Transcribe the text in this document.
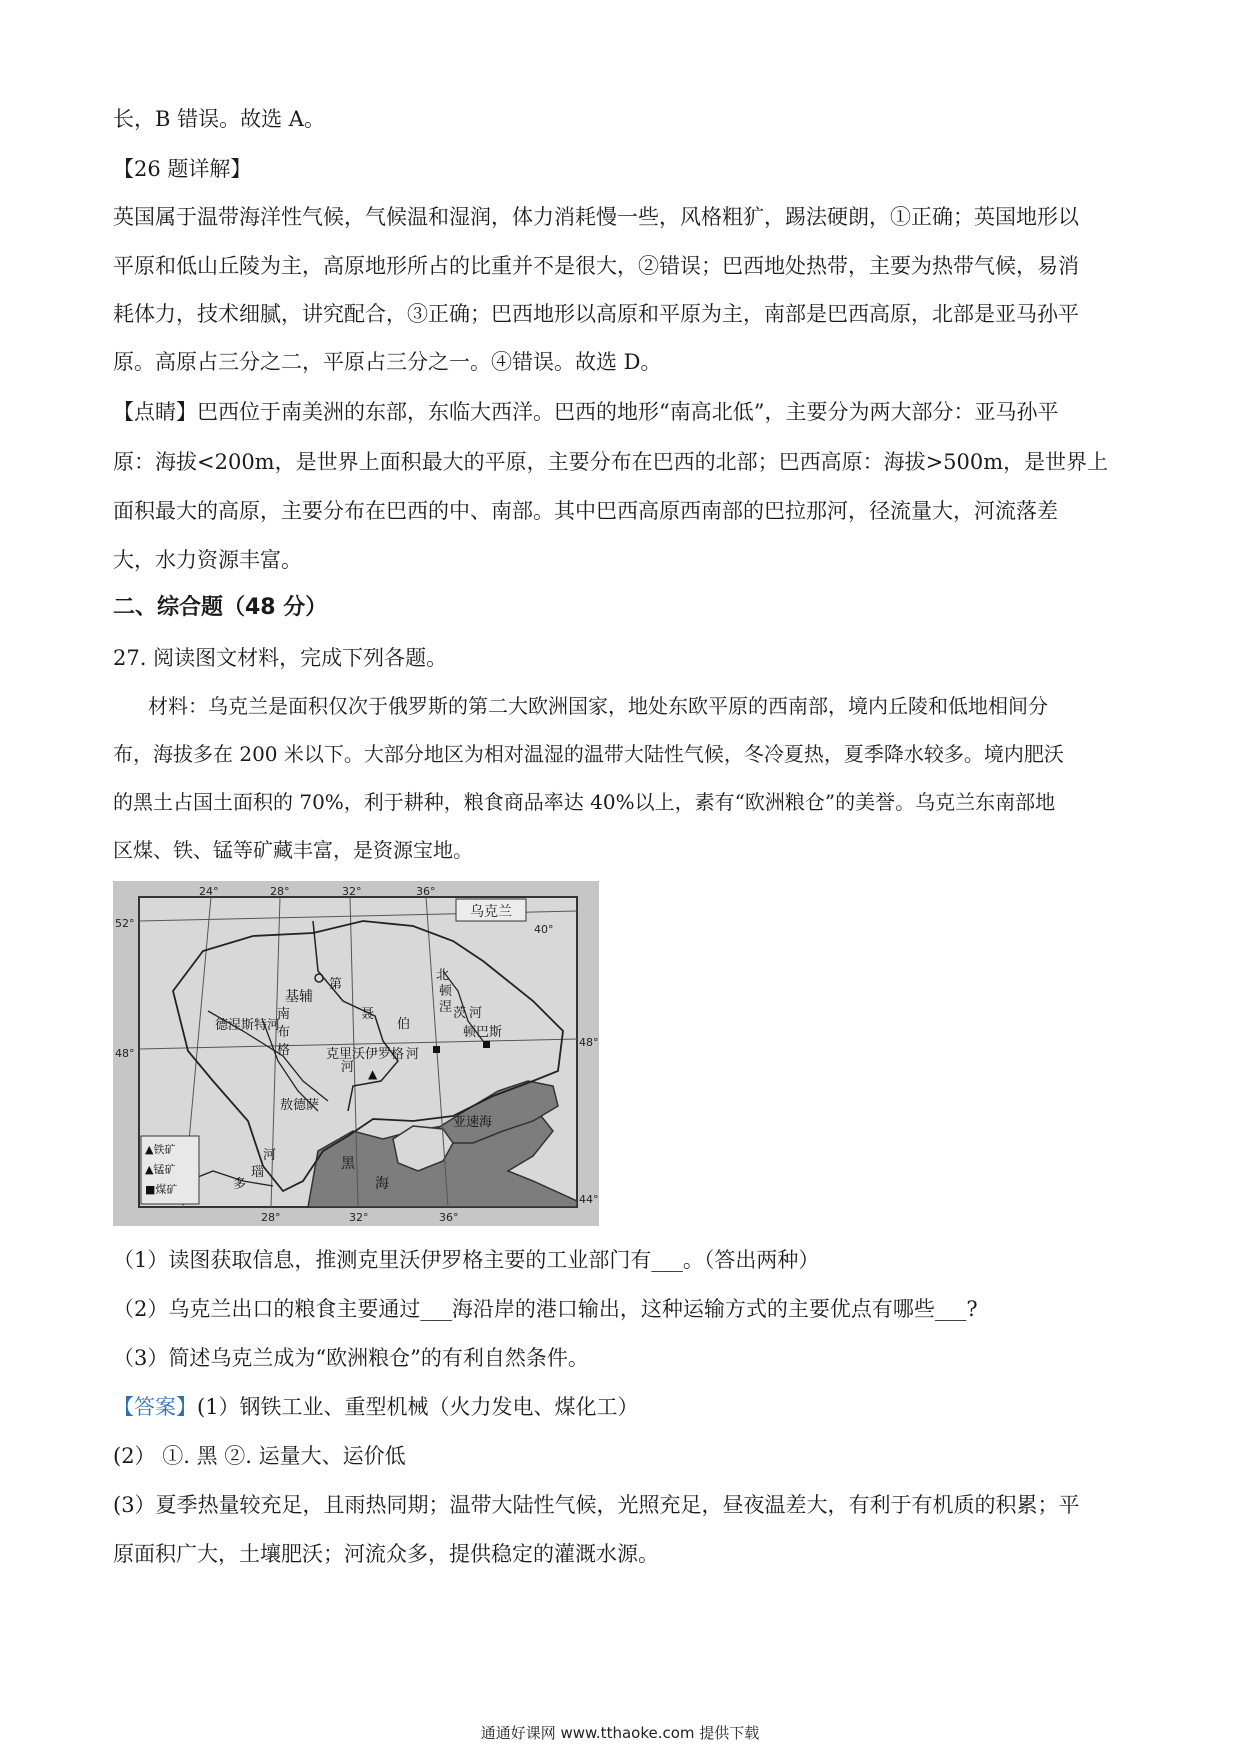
长，B 错误。故选 A。
【26 题详解】
英国属于温带海洋性气候，气候温和湿润，体力消耗慢一些，风格粗犷，踢法硬朗，①正确；英国地形以
平原和低山丘陵为主，高原地形所占的比重并不是很大，②错误；巴西地处热带，主要为热带气候，易消
耗体力，技术细腻，讲究配合，③正确；巴西地形以高原和平原为主，南部是巴西高原，北部是亚马孙平
原。高原占三分之二，平原占三分之一。④错误。故选 D。
【点睛】巴西位于南美洲的东部，东临大西洋。巴西的地形“南高北低”，主要分为两大部分：亚马孙平
原：海拔<200m，是世界上面积最大的平原，主要分布在巴西的北部；巴西高原：海拔>500m，是世界上
面积最大的高原，主要分布在巴西的中、南部。其中巴西高原西南部的巴拉那河，径流量大，河流落差
大，水力资源丰富。
二、综合题（48 分）
27. 阅读图文材料，完成下列各题。
材料：乌克兰是面积仅次于俄罗斯的第二大欧洲国家，地处东欧平原的西南部，境内丘陵和低地相间分
布，海拔多在 200 米以下。大部分地区为相对温湿的温带大陆性气候，冬冷夏热，夏季降水较多。境内肥沃
的黑土占国土面积的 70%，利于耕种，粮食商品率达 40%以上，素有“欧洲粮仓”的美誉。乌克兰东南部地
区煤、铁、锰等矿藏丰富，是资源宝地。
乌克兰
24°	28°	32°	36°
28°	32°	36°
52°
48°
40°
48°
44°
基辅
克里沃伊罗格
敖德萨
顿巴斯
第
聂
伯
河
德涅斯特河
南
布
格
河
北
顿
涅 茨 河
多
瑙
河
黑
海
亚速海
▲
▲铁矿
▲锰矿
■煤矿
（1）读图获取信息，推测克里沃伊罗格主要的工业部门有___。（答出两种）
（2）乌克兰出口的粮食主要通过___海沿岸的港口输出，这种运输方式的主要优点有哪些___?
（3）简述乌克兰成为“欧洲粮仓”的有利自然条件。
【答案】(1）钢铁工业、重型机械（火力发电、煤化工）
(2） ①. 黑 ②. 运量大、运价低
(3）夏季热量较充足，且雨热同期；温带大陆性气候，光照充足，昼夜温差大，有利于有机质的积累；平
原面积广大，土壤肥沃；河流众多，提供稳定的灌溉水源。
通通好课网 www.tthaoke.com 提供下载
